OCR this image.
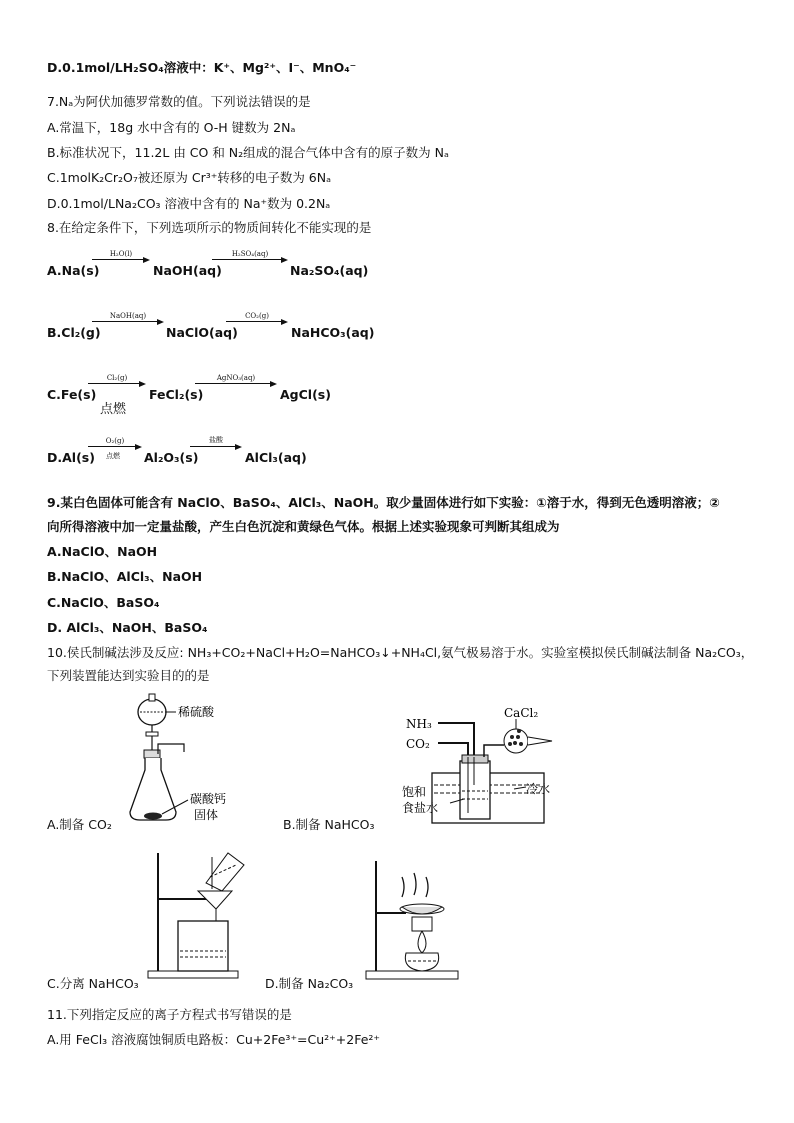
D.0.1mol/LH₂SO₄溶液中：K⁺、Mg²⁺、I⁻、MnO₄⁻
7.Nₐ为阿伏加德罗常数的值。下列说法错误的是
A.常温下，18g 水中含有的 O-H 键数为 2Nₐ
B.标准状况下，11.2L 由 CO 和 N₂组成的混合气体中含有的原子数为 Nₐ
C.1molK₂Cr₂O₇被还原为 Cr³⁺转移的电子数为 6Nₐ
D.0.1mol/LNa₂CO₃ 溶液中含有的 Na⁺数为 0.2Nₐ
8.在给定条件下，下列选项所示的物质间转化不能实现的是
A.Na(s)
H₂O(l)
NaOH(aq)
H₂SO₄(aq)
Na₂SO₄(aq)
B.Cl₂(g)
NaOH(aq)
NaClO(aq)
CO₂(g)
NaHCO₃(aq)
C.Fe(s)
Cl₂(g)
点燃
FeCl₂(s)
AgNO₃(aq)
AgCl(s)
D.Al(s)
O₂(g)
点燃 Al₂O₃(s)
盐酸
AlCl₃(aq)
9.某白色固体可能含有 NaClO、BaSO₄、AlCl₃、NaOH。取少量固体进行如下实验：①溶于水，得到无色透明溶液；②
向所得溶液中加一定量盐酸，产生白色沉淀和黄绿色气体。根据上述实验现象可判断其组成为
A.NaClO、NaOH
B.NaClO、AlCl₃、NaOH
C.NaClO、BaSO₄
D. AlCl₃、NaOH、BaSO₄
10.侯氏制碱法涉及反应: NH₃+CO₂+NaCl+H₂O=NaHCO₃↓+NH₄Cl,氨气极易溶于水。实验室模拟侯氏制碱法制备 Na₂CO₃，
下列装置能达到实验目的的是
稀硫酸
碳酸钙
固体
A.制备 CO₂
NH₃
CO₂
CaCl₂
饱和
食盐水
冷水
B.制备 NaHCO₃
C.分离 NaHCO₃	D.制备 Na₂CO₃
11.下列指定反应的离子方程式书写错误的是
A.用 FeCl₃ 溶液腐蚀铜质电路板：Cu+2Fe³⁺=Cu²⁺+2Fe²⁺
